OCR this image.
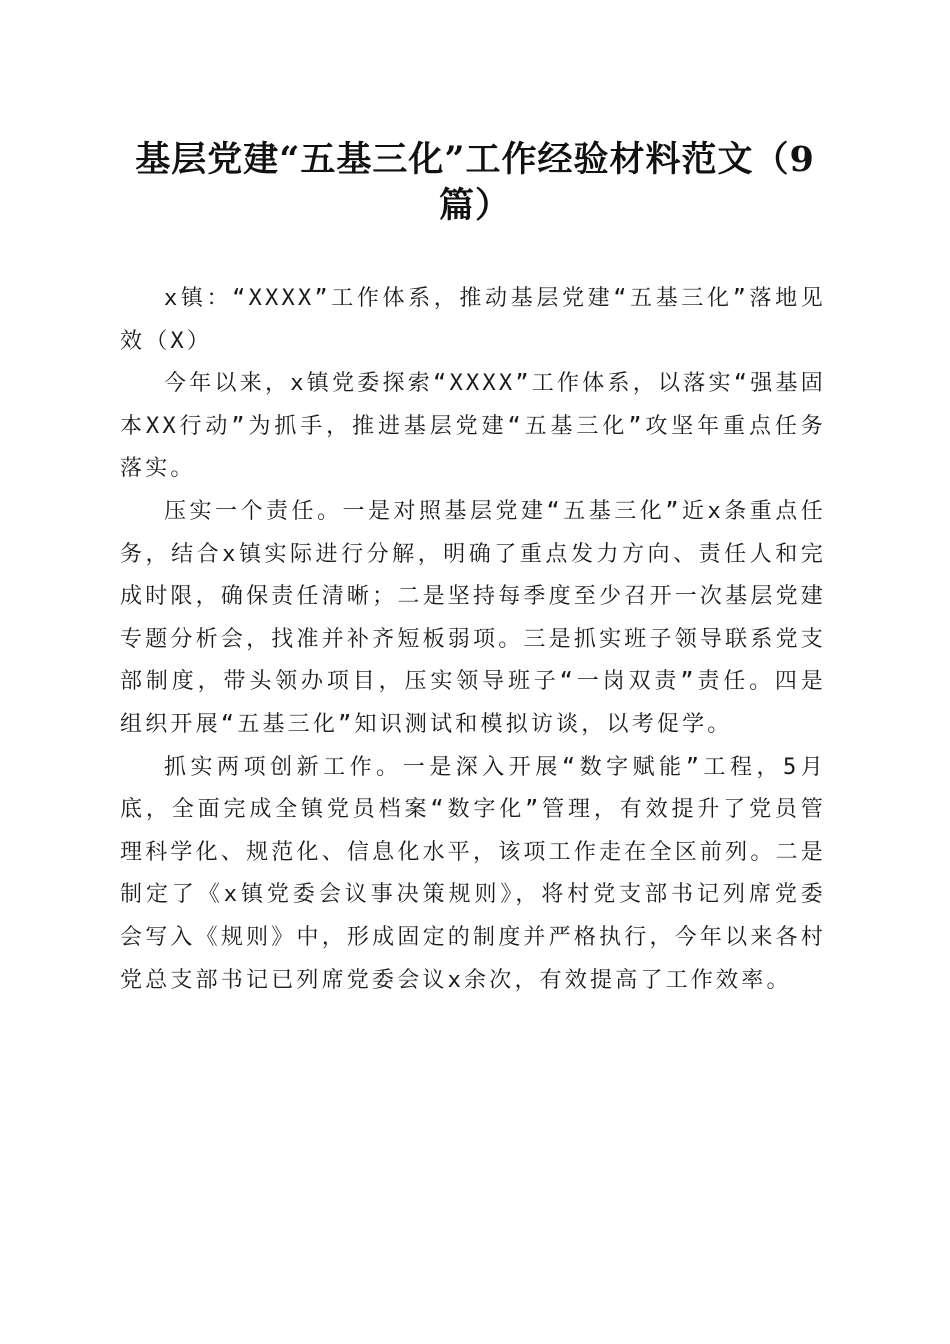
基层党建“五基三化”工作经验材料范文（9篇）

x镇：“XXXX”工作体系，推动基层党建“五基三化”落地见效（X）

今年以来，x镇党委探索“XXXX”工作体系，以落实“强基固本XX行动”为抓手，推进基层党建“五基三化”攻坚年重点任务落实。

压实一个责任。一是对照基层党建“五基三化”近x条重点任务，结合x镇实际进行分解，明确了重点发力方向、责任人和完成时限，确保责任清晰；二是坚持每季度至少召开一次基层党建专题分析会，找准并补齐短板弱项。三是抓实班子领导联系党支部制度，带头领办项目，压实领导班子“一岗双责”责任。四是组织开展“五基三化”知识测试和模拟访谈，以考促学。

抓实两项创新工作。一是深入开展“数字赋能”工程，5月底，全面完成全镇党员档案“数字化”管理，有效提升了党员管理科学化、规范化、信息化水平，该项工作走在全区前列。二是制定了《x镇党委会议事决策规则》，将村党支部书记列席党委会写入《规则》中，形成固定的制度并严格执行，今年以来各村党总支部书记已列席党委会议x余次，有效提高了工作效率。
